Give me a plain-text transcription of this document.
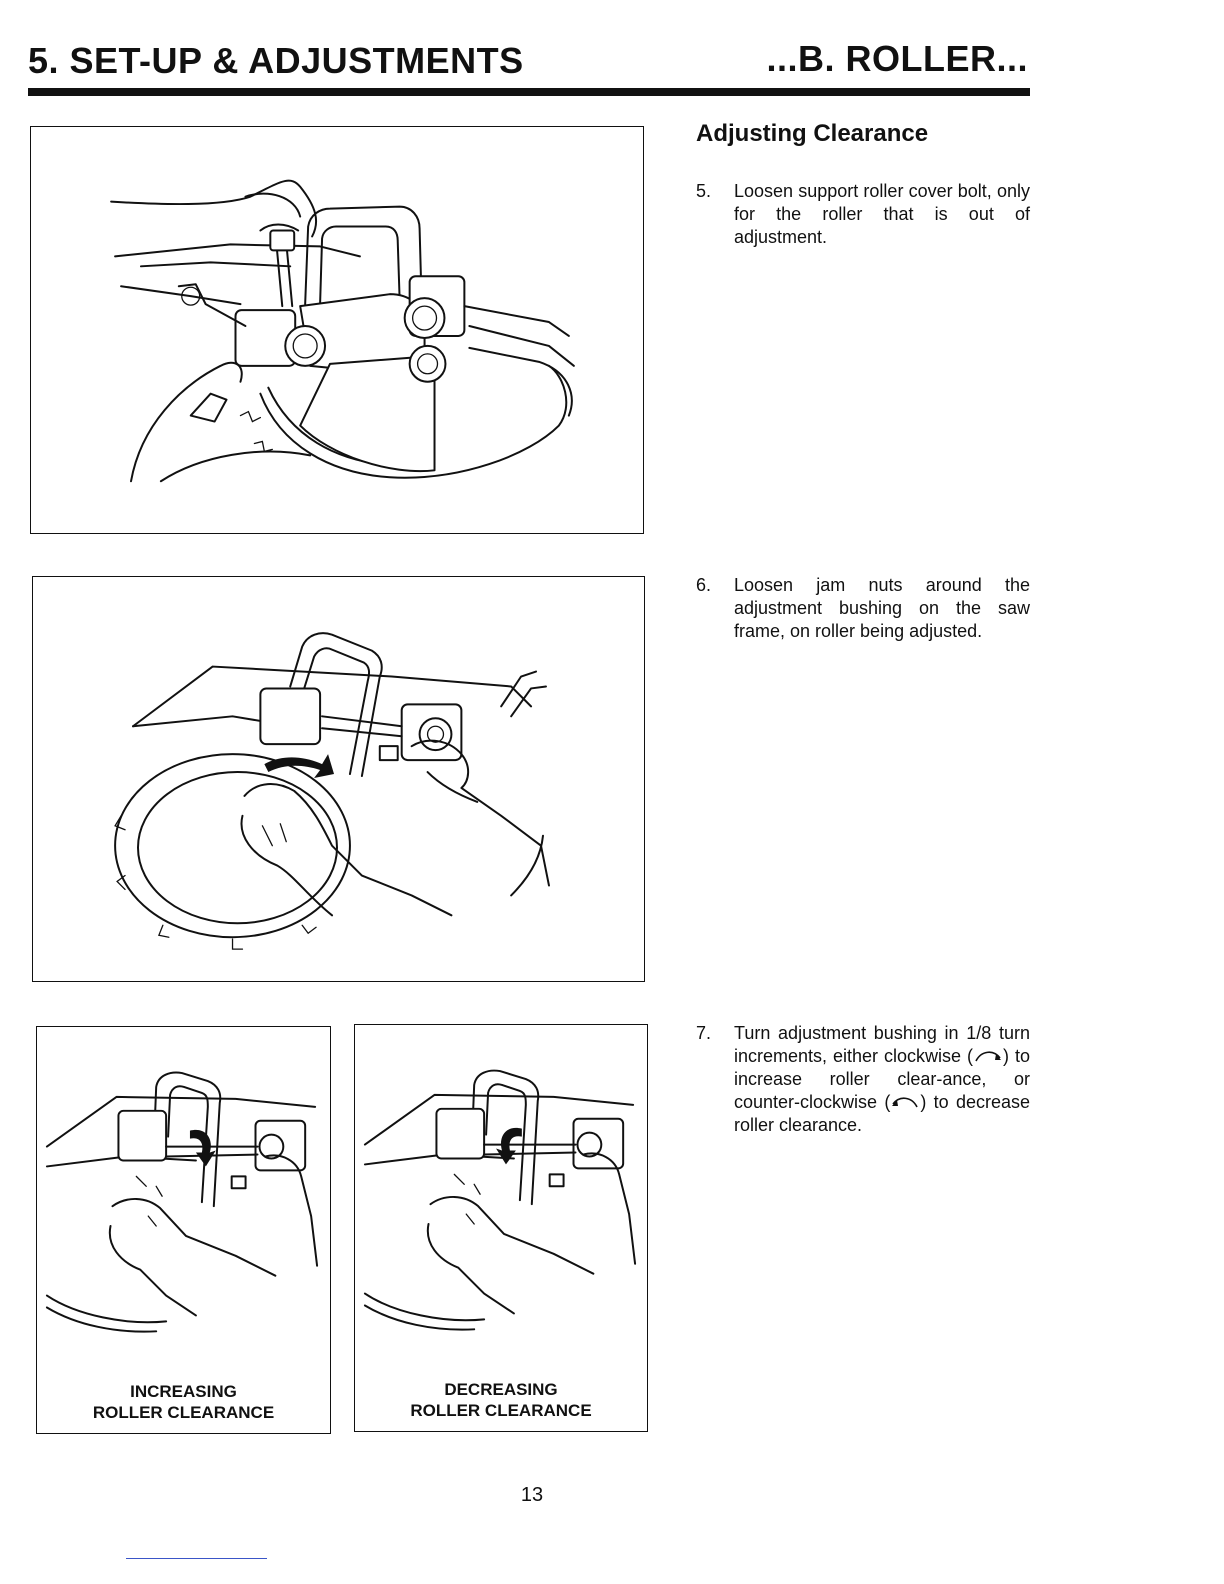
5. SET-UP & ADJUSTMENTS	...B. ROLLER...
INCREASING
ROLLER CLEARANCE
DECREASING
ROLLER CLEARANCE
Adjusting Clearance
5.	Loosen support roller cover bolt, only for the roller that is out of adjustment.
6.	Loosen jam nuts around the adjustment bushing on the saw frame, on roller being adjusted.
7.	Turn adjustment bushing in 1/8 turn increments, either clockwise ( ) to increase roller clear-ance, or counter-clockwise ( ) to decrease roller clearance.
13
